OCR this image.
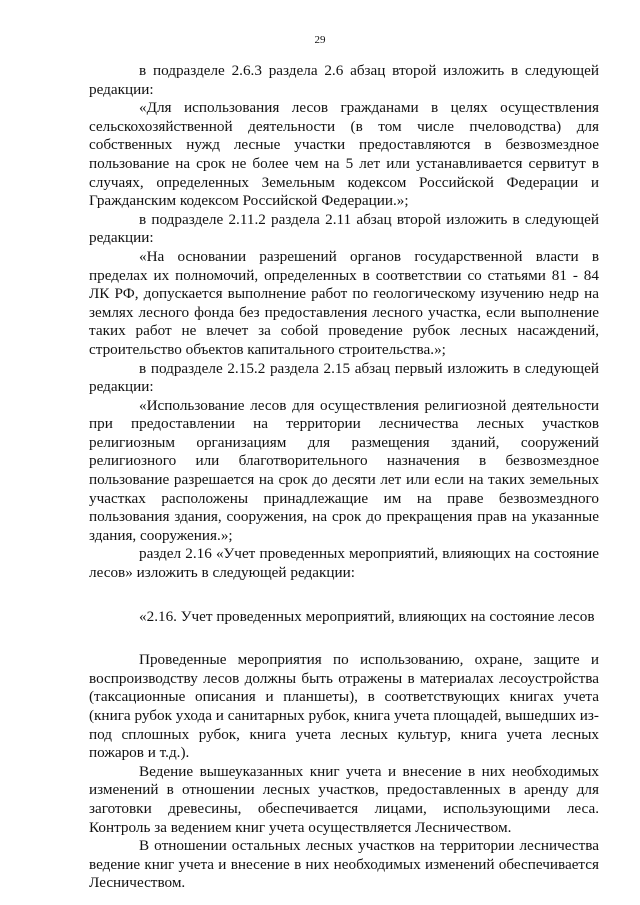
29

в подразделе 2.6.3 раздела 2.6 абзац второй изложить в следующей редакции:

«Для использования лесов гражданами в целях осуществления сельскохозяйственной деятельности (в том числе пчеловодства) для собственных нужд лесные участки предоставляются в безвозмездное пользование на срок не более чем на 5 лет или устанавливается сервитут в случаях, определенных Земельным кодексом Российской Федерации и Гражданским кодексом Российской Федерации.»;

в подразделе 2.11.2 раздела 2.11 абзац второй изложить в следующей редакции:

«На основании разрешений органов государственной власти в пределах их полномочий, определенных в соответствии со статьями 81 - 84 ЛК РФ, допускается выполнение работ по геологическому изучению недр на землях лесного фонда без предоставления лесного участка, если выполнение таких работ не влечет за собой проведение рубок лесных насаждений, строительство объектов капитального строительства.»;

в подразделе 2.15.2 раздела 2.15 абзац первый изложить в следующей редакции:

«Использование лесов для осуществления религиозной деятельности при предоставлении на территории лесничества лесных участков религиозным организациям для размещения зданий, сооружений религиозного или благотворительного назначения в безвозмездное пользование разрешается на срок до десяти лет или если на таких земельных участках расположены принадлежащие им на праве безвозмездного пользования здания, сооружения, на срок до прекращения прав на указанные здания, сооружения.»;

раздел 2.16 «Учет проведенных мероприятий, влияющих на состояние лесов» изложить в следующей редакции:

«2.16. Учет проведенных мероприятий, влияющих на состояние лесов

Проведенные мероприятия по использованию, охране, защите и воспроизводству лесов должны быть отражены в материалах лесоустройства (таксационные описания и планшеты), в соответствующих книгах учета (книга рубок ухода и санитарных рубок, книга учета площадей, вышедших из-под сплошных рубок, книга учета лесных культур, книга учета лесных пожаров и т.д.).

Ведение вышеуказанных книг учета и внесение в них необходимых изменений в отношении лесных участков, предоставленных в аренду для заготовки древесины, обеспечивается лицами, использующими леса. Контроль за ведением книг учета осуществляется Лесничеством.

В отношении остальных лесных участков на территории лесничества ведение книг учета и внесение в них необходимых изменений обеспечивается Лесничеством.
